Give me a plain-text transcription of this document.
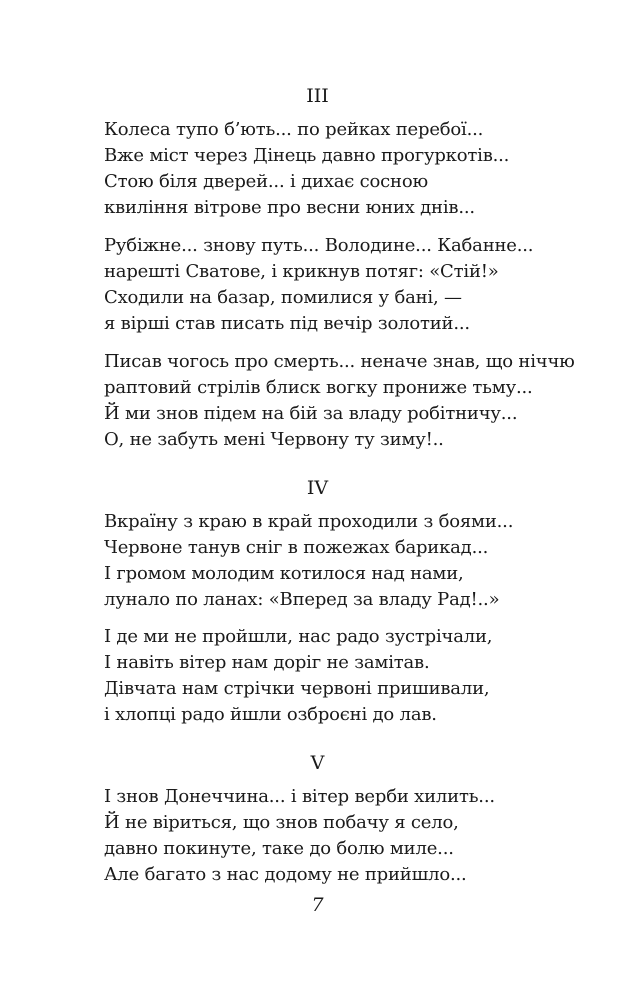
III
Колеса тупо б’ють... по рейках перебої...
Вже міст через Дінець давно прогуркотів...
Стою біля дверей... і дихає сосною
квиління вітрове про весни юних днів...
Рубіжне... знову путь... Володине... Кабанне...
нарешті Сватове, і крикнув потяг: «Стій!»
Сходили на базар, помилися у бані, —
я вірші став писать під вечір золотий...
Писав чогось про смерть... неначе знав, що ніччю
раптовий стрілів блиск вогку прониже тьму...
Й ми знов підем на бій за владу робітничу...
О, не забуть мені Червону ту зиму!..
IV
Вкраїну з краю в край проходили з боями...
Червоне танув сніг в пожежах барикад...
І громом молодим котилося над нами,
лунало по ланах: «Вперед за владу Рад!..»
І де ми не пройшли, нас радо зустрічали,
І навіть вітер нам доріг не замітав.
Дівчата нам стрічки червоні пришивали,
і хлопці радо йшли озброєні до лав.
V
І знов Донеччина... і вітер верби хилить...
Й не віриться, що знов побачу я село,
давно покинуте, таке до болю миле...
Але багато з нас додому не прийшло...
7
